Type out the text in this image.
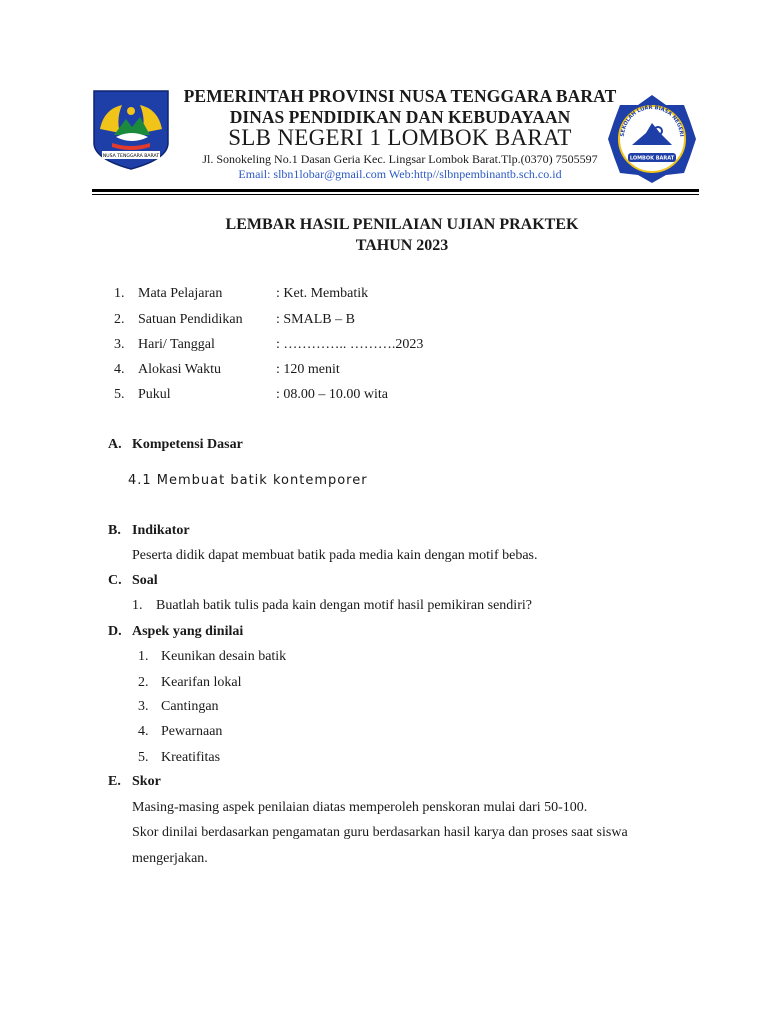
NUSA TENGGARA BARAT
SEKOLAH LUAR BIASA NEGERI
LOMBOK BARAT
PEMERINTAH PROVINSI NUSA TENGGARA BARAT
DINAS PENDIDIKAN DAN KEBUDAYAAN
SLB NEGERI 1 LOMBOK BARAT
Jl. Sonokeling No.1 Dasan Geria Kec. Lingsar Lombok Barat.Tlp.(0370) 7505597
Email: slbn1lobar@gmail.com Web:http//slbnpembinantb.sch.co.id
LEMBAR HASIL PENILAIAN UJIAN PRAKTEK
TAHUN 2023
1. Mata Pelajaran	: Ket. Membatik
2. Satuan Pendidikan : SMALB – B
3. Hari/ Tanggal	: ………….. ……….2023
4. Alokasi Waktu	: 120 menit
5. Pukul	: 08.00 – 10.00 wita
A. Kompetensi Dasar
4.1 Membuat batik kontemporer
B. Indikator
Peserta didik dapat membuat batik pada media kain dengan motif bebas.
C. Soal
1. Buatlah batik tulis pada kain dengan motif hasil pemikiran sendiri?
D. Aspek yang dinilai
1. Keunikan desain batik
2. Kearifan lokal
3. Cantingan
4. Pewarnaan
5. Kreatifitas
E. Skor
Masing-masing aspek penilaian diatas memperoleh penskoran mulai dari 50-100.
Skor dinilai berdasarkan pengamatan guru berdasarkan hasil karya dan proses saat siswa
mengerjakan.
